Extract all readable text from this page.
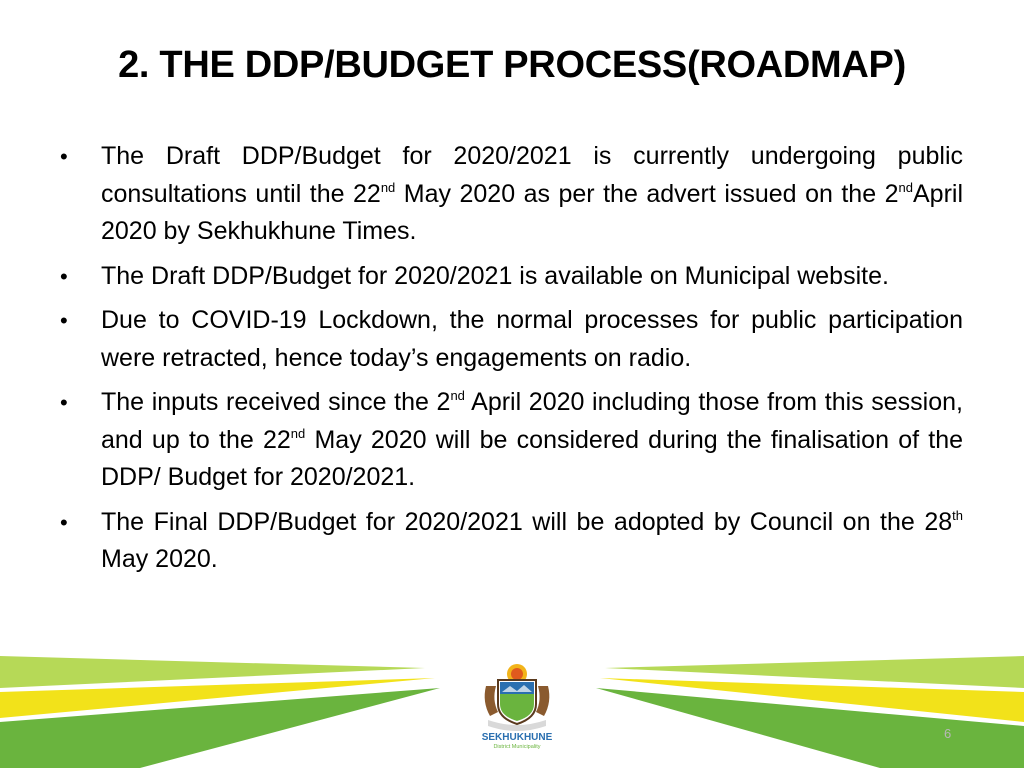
2. THE DDP/BUDGET PROCESS(ROADMAP)
• The Draft DDP/Budget for 2020/2021 is currently undergoing public consultations until the 22nd May 2020 as per the advert issued on the 2ndApril 2020 by Sekhukhune Times.
• The Draft DDP/Budget for 2020/2021 is available on Municipal website.
• Due to COVID-19 Lockdown, the normal processes for public participation were retracted, hence today’s engagements on radio.
• The inputs received since the 2nd April 2020 including those from this session, and up to the 22nd May 2020 will be considered during the finalisation of the DDP/ Budget for 2020/2021.
• The Final DDP/Budget for 2020/2021 will be adopted by Council on the 28th May 2020.
SEKHUKHUNE
District Municipality
6
